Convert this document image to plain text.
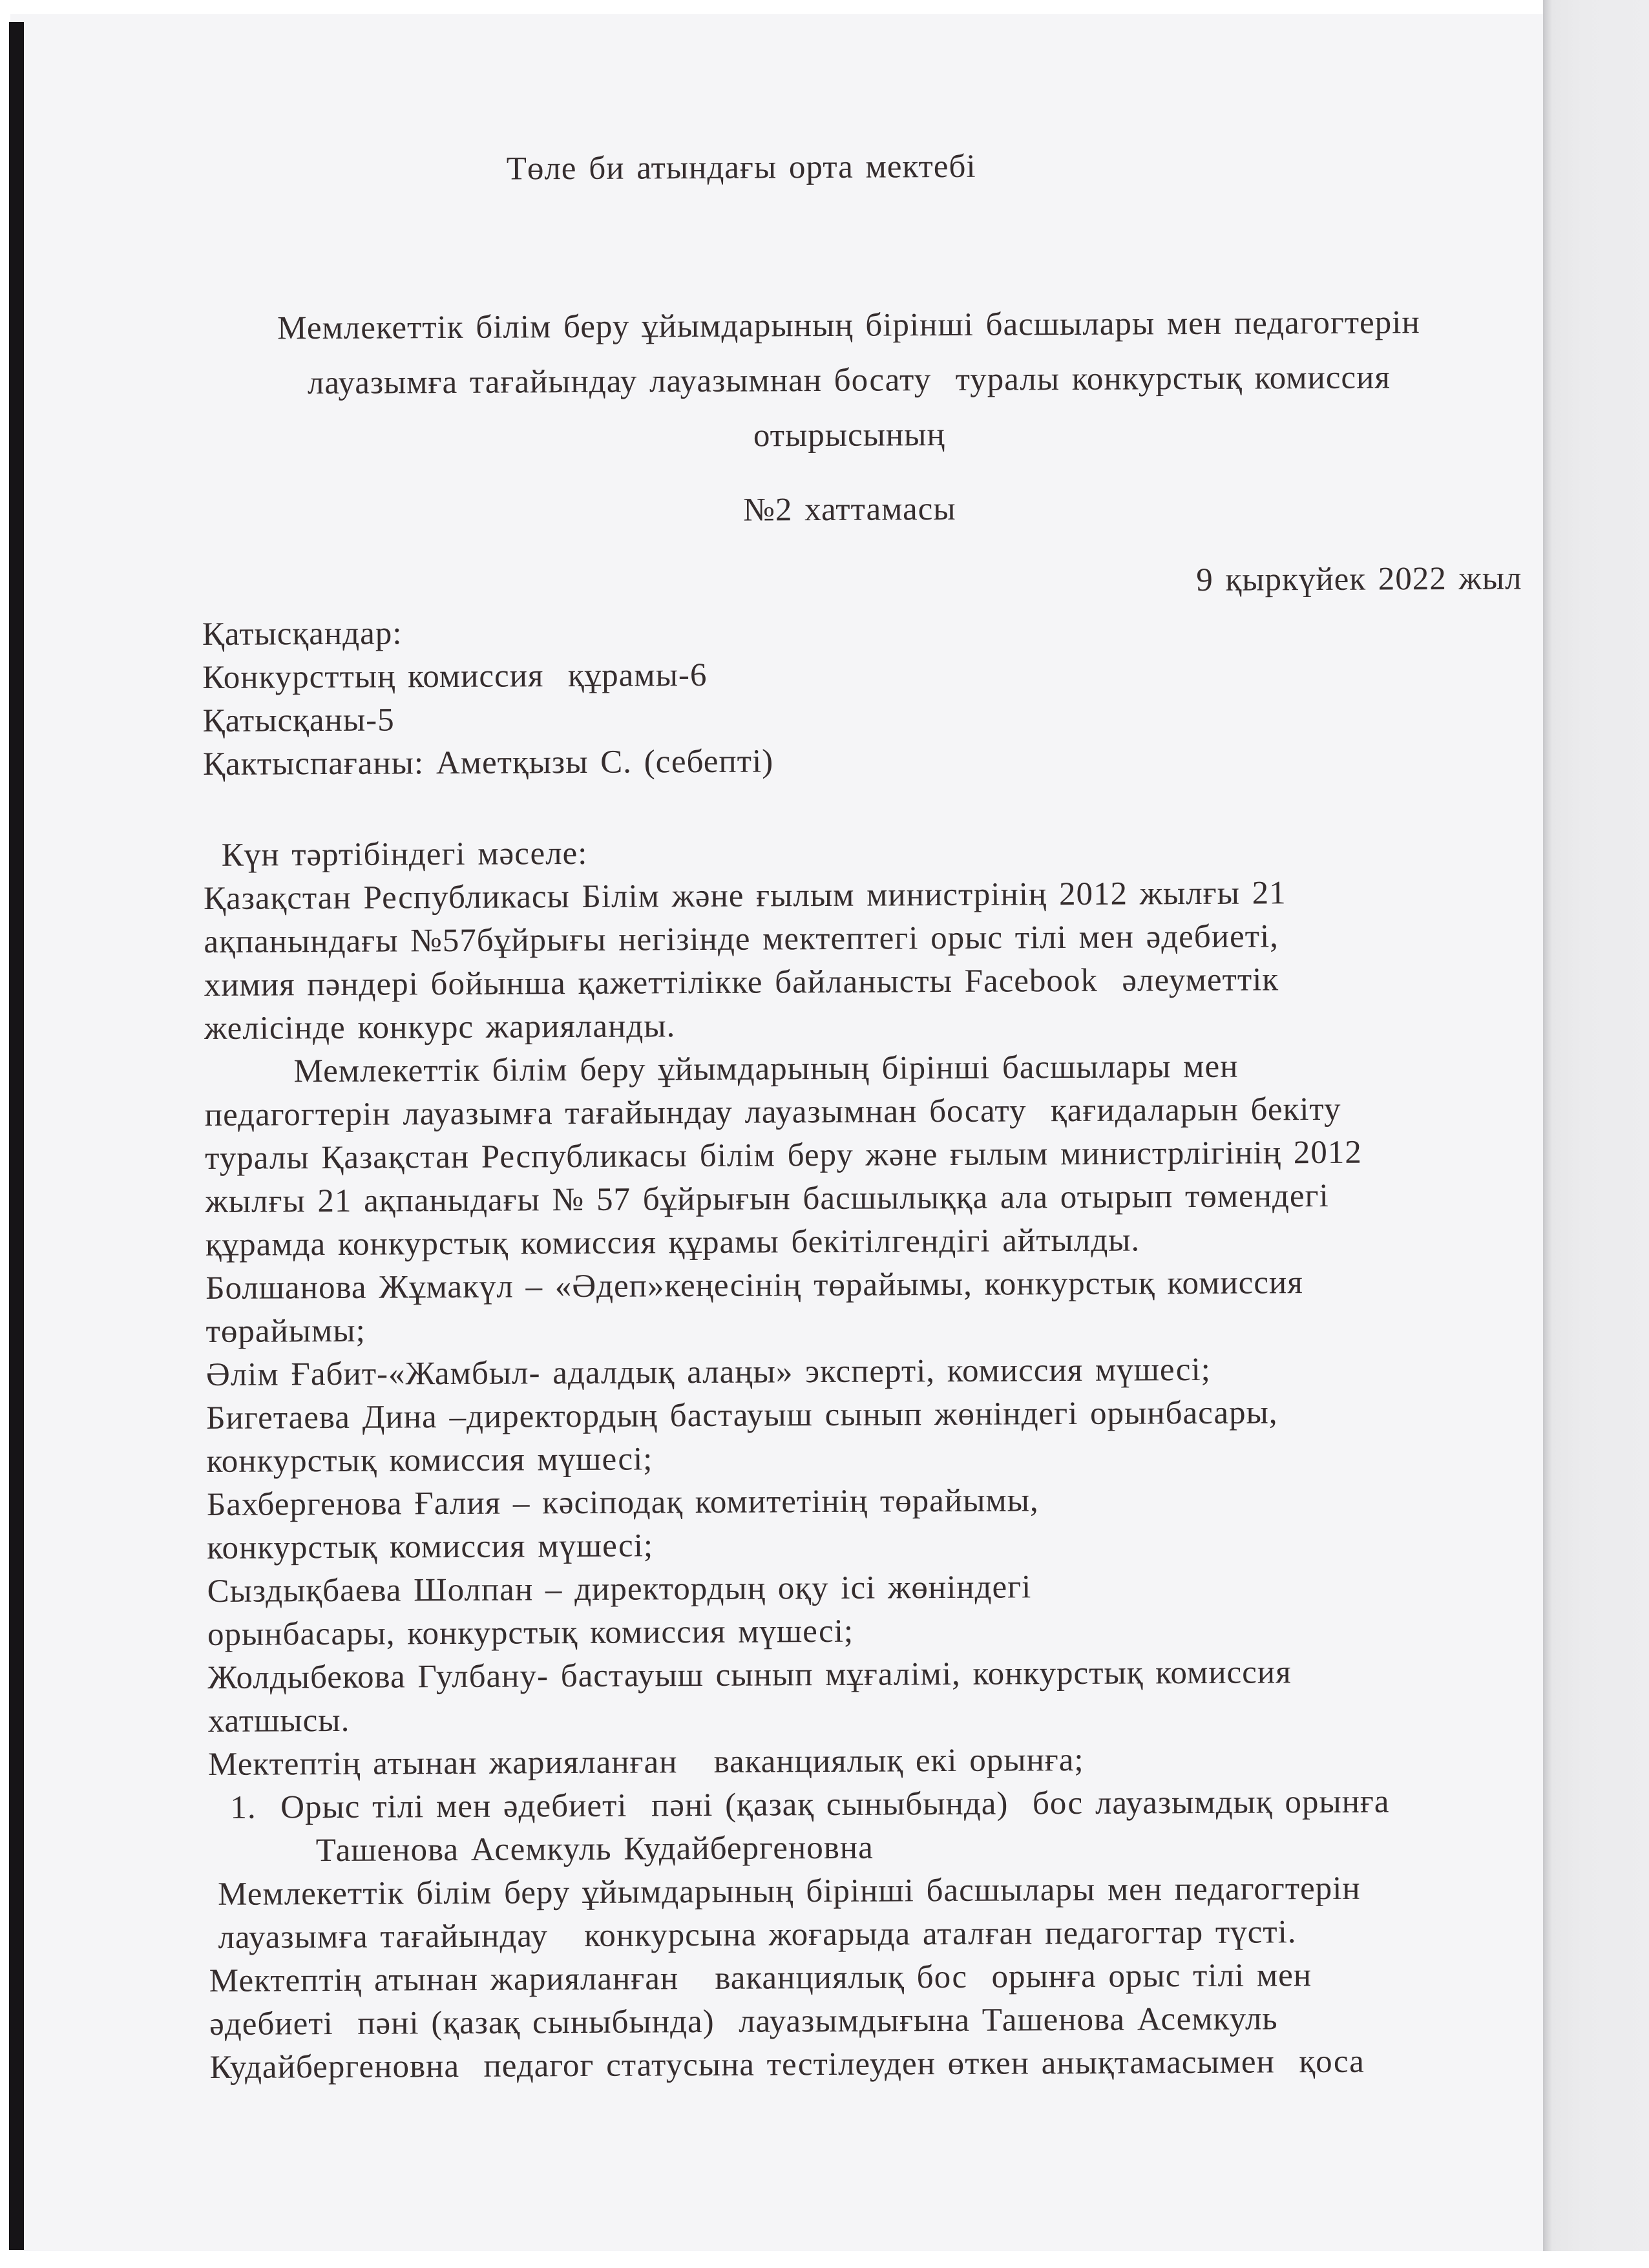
Төле би атындағы орта мектебі
Мемлекеттік білім беру ұйымдарының бірінші басшылары мен педагогтерін
лауазымға тағайындау лауазымнан босату  туралы конкурстық комиссия
отырысының
№2 хаттамасы
9 қыркүйек 2022 жыл
Қатысқандар:
Конкурсттың комиссия  құрамы-6
Қатысқаны-5
Қактыспағаны: Аметқызы С. (себепті)
Күн тәртібіндегі мәселе:
Қазақстан Республикасы Білім және ғылым министрінің 2012 жылғы 21
ақпанындағы №57бұйрығы негізінде мектептегі орыс тілі мен әдебиеті,
химия пәндері бойынша қажеттілікке байланысты Facebook  әлеуметтік
желісінде конкурс жарияланды.
Мемлекеттік білім беру ұйымдарының бірінші басшылары мен
педагогтерін лауазымға тағайындау лауазымнан босату  қағидаларын бекіту
туралы Қазақстан Республикасы білім беру және ғылым министрлігінің 2012
жылғы 21 ақпаныдағы № 57 бұйрығын басшылыққа ала отырып төмендегі
құрамда конкурстық комиссия құрамы бекітілгендігі айтылды.
Болшанова Жұмакүл – «Әдеп»кеңесінің төрайымы, конкурстық комиссия
төрайымы;
Әлім Ғабит-«Жамбыл- адалдық алаңы» эксперті, комиссия мүшесі;
Бигетаева Дина –директордың бастауыш сынып жөніндегі орынбасары,
конкурстық комиссия мүшесі;
Бахбергенова Ғалия – кәсіподақ комитетінің төрайымы,
конкурстық комиссия мүшесі;
Сыздықбаева Шолпан – директордың оқу ісі жөніндегі
орынбасары, конкурстық комиссия мүшесі;
Жолдыбекова Гулбану- бастауыш сынып мұғалімі, конкурстық комиссия
хатшысы.
Мектептің атынан жарияланған   ваканциялық екі орынға;
1.  Орыс тілі мен әдебиеті  пәні (қазақ сыныбында)  бос лауазымдық орынға
Ташенова Асемкуль Кудайбергеновна
Мемлекеттік білім беру ұйымдарының бірінші басшылары мен педагогтерін
лауазымға тағайындау   конкурсына жоғарыда аталған педагогтар түсті.
Мектептің атынан жарияланған   ваканциялық бос  орынға орыс тілі мен
әдебиеті  пәні (қазақ сыныбында)  лауазымдығына Ташенова Асемкуль
Кудайбергеновна  педагог статусына тестілеуден өткен анықтамасымен  қоса
